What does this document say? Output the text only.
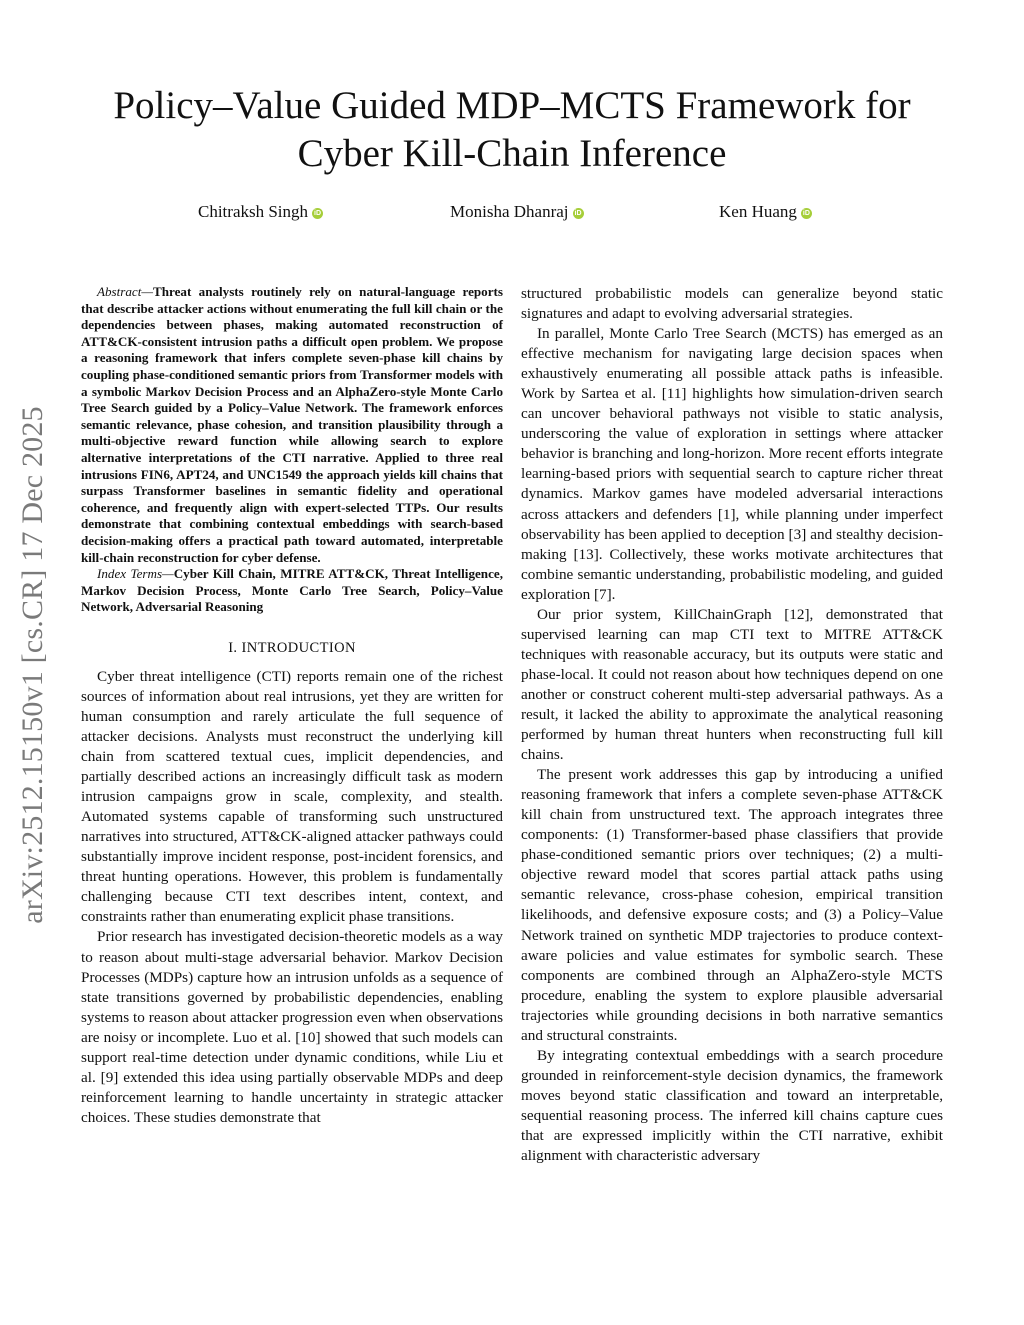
arXiv:2512.15150v1 [cs.CR] 17 Dec 2025
Policy–Value Guided MDP–MCTS Framework for
Cyber Kill-Chain Inference
Chitraksh Singh iD	Monisha Dhanraj iD	Ken Huang iD

Abstract—Threat analysts routinely rely on natural-language reports that describe attacker actions without enumerating the full kill chain or the dependencies between phases, making automated reconstruction of ATT&CK-consistent intrusion paths a difficult open problem. We propose a reasoning framework that infers complete seven-phase kill chains by coupling phase-conditioned semantic priors from Transformer models with a symbolic Markov Decision Process and an AlphaZero-style Monte Carlo Tree Search guided by a Policy–Value Network. The framework enforces semantic relevance, phase cohesion, and transition plausibility through a multi-objective reward function while allowing search to explore alternative interpretations of the CTI narrative. Applied to three real intrusions FIN6, APT24, and UNC1549 the approach yields kill chains that surpass Transformer baselines in semantic fidelity and operational coherence, and frequently align with expert-selected TTPs. Our results demonstrate that combining contextual embeddings with search-based decision-making offers a practical path toward automated, interpretable kill-chain reconstruction for cyber defense.

Index Terms—Cyber Kill Chain, MITRE ATT&CK, Threat Intelligence, Markov Decision Process, Monte Carlo Tree Search, Policy–Value Network, Adversarial Reasoning

I. INTRODUCTION

Cyber threat intelligence (CTI) reports remain one of the richest sources of information about real intrusions, yet they are written for human consumption and rarely articulate the full sequence of attacker decisions. Analysts must reconstruct the underlying kill chain from scattered textual cues, implicit dependencies, and partially described actions an increasingly difficult task as modern intrusion campaigns grow in scale, complexity, and stealth. Automated systems capable of transforming such unstructured narratives into structured, ATT&CK-aligned attacker pathways could substantially improve incident response, post-incident forensics, and threat hunting operations. However, this problem is fundamentally challenging because CTI text describes intent, context, and constraints rather than enumerating explicit phase transitions.

Prior research has investigated decision-theoretic models as a way to reason about multi-stage adversarial behavior. Markov Decision Processes (MDPs) capture how an intrusion unfolds as a sequence of state transitions governed by probabilistic dependencies, enabling systems to reason about attacker progression even when observations are noisy or incomplete. Luo et al. [10] showed that such models can support real-time detection under dynamic conditions, while Liu et al. [9] extended this idea using partially observable MDPs and deep reinforcement learning to handle uncertainty in strategic attacker choices. These studies demonstrate that

structured probabilistic models can generalize beyond static signatures and adapt to evolving adversarial strategies.

In parallel, Monte Carlo Tree Search (MCTS) has emerged as an effective mechanism for navigating large decision spaces when exhaustively enumerating all possible attack paths is infeasible. Work by Sartea et al. [11] highlights how simulation-driven search can uncover behavioral pathways not visible to static analysis, underscoring the value of exploration in settings where attacker behavior is branching and long-horizon. More recent efforts integrate learning-based priors with sequential search to capture richer threat dynamics. Markov games have modeled adversarial interactions across attackers and defenders [1], while planning under imperfect observability has been applied to deception [3] and stealthy decision-making [13]. Collectively, these works motivate architectures that combine semantic understanding, probabilistic modeling, and guided exploration [7].

Our prior system, KillChainGraph [12], demonstrated that supervised learning can map CTI text to MITRE ATT&CK techniques with reasonable accuracy, but its outputs were static and phase-local. It could not reason about how techniques depend on one another or construct coherent multi-step adversarial pathways. As a result, it lacked the ability to approximate the analytical reasoning performed by human threat hunters when reconstructing full kill chains.

The present work addresses this gap by introducing a unified reasoning framework that infers a complete seven-phase ATT&CK kill chain from unstructured text. The approach integrates three components: (1) Transformer-based phase classifiers that provide phase-conditioned semantic priors over techniques; (2) a multi-objective reward model that scores partial attack paths using semantic relevance, cross-phase cohesion, empirical transition likelihoods, and defensive exposure costs; and (3) a Policy–Value Network trained on synthetic MDP trajectories to produce context-aware policies and value estimates for symbolic search. These components are combined through an AlphaZero-style MCTS procedure, enabling the system to explore plausible adversarial trajectories while grounding decisions in both narrative semantics and structural constraints.

By integrating contextual embeddings with a search procedure grounded in reinforcement-style decision dynamics, the framework moves beyond static classification and toward an interpretable, sequential reasoning process. The inferred kill chains capture cues that are expressed implicitly within the CTI narrative, exhibit alignment with characteristic adversary
